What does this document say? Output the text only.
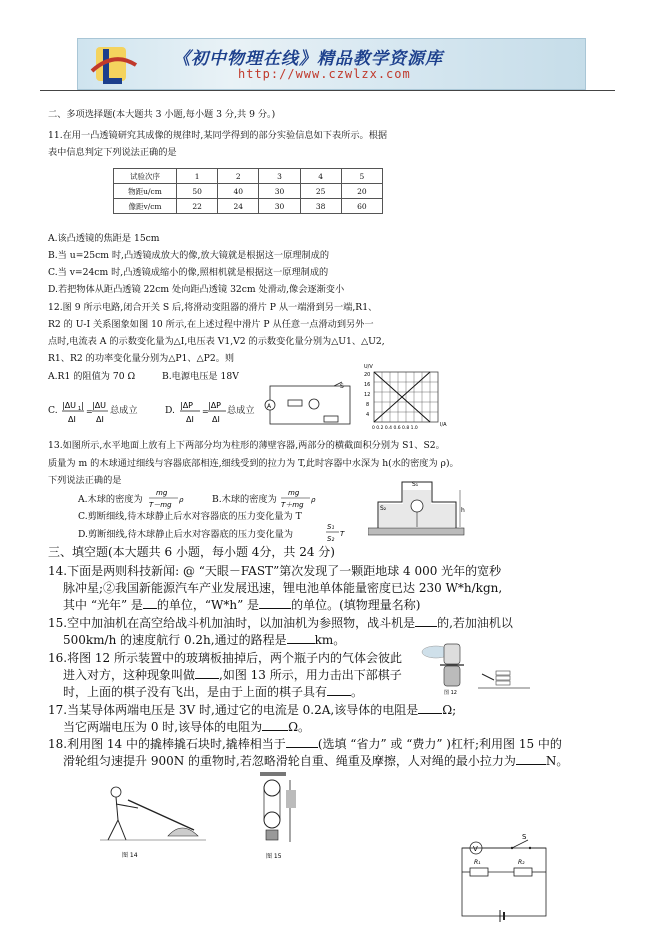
《初中物理在线》精品教学资源库
http://www.czwlzx.com
二、多项选择题(本大题共 3 小题,每小题 3 分,共 9 分。)
11.在用一凸透镜研究其成像的规律时,某同学得到的部分实验信息如下表所示。根据
表中信息判定下列说法正确的是
试验次序	1	2	3	4	5
物距u/cm	50	40	30	25	20
像距v/cm	22	24	30	38	60
A.该凸透镜的焦距是 15cm
B.当 u=25cm 时,凸透镜成放大的像,放大镜就是根据这一原理制成的
C.当 v=24cm 时,凸透镜成缩小的像,照相机就是根据这一原理制成的
D.若把物体从距凸透镜 22cm 处向距凸透镜 32cm 处滑动,像会逐渐变小
12.图 9 所示电路,闭合开关 S 后,将滑动变阻器的滑片 P 从一端滑到另一端,R1、
R2 的 U-I 关系图象如图 10 所示,在上述过程中滑片 P 从任意一点滑动到另外一
点时,电流表 A 的示数变化量为△I,电压表 V1,V2 的示数变化量分别为△U1、△U2,
R1、R2 的功率变化量分别为△P1、△P2。则
A.R1 的阻值为 70 Ω	B.电源电压是 18V
C. |ΔU 1 |
ΔI
=
|ΔU
ΔI
总成立	D. |ΔP
ΔI
=
|ΔP
ΔI
总成立 A
S
U/V
20
16
12
8
4
0 0.2 0.4 0.6 0.8 1.0
I/A
13.如图所示,水平地面上放有上下两部分均为柱形的薄壁容器,两部分的横截面积分别为 S1、S2。
质量为 m 的木球通过细线与容器底部相连,细线受到的拉力为 T,此时容器中水深为 h(水的密度为 ρ)。
下列说法正确的是
A.木球的密度为
mg
T－mg
ρ	B.木球的密度为
mg
T＋mg
ρ
C.剪断细线,待木球静止后水对容器底的压力变化量为 T
D.剪断细线,待木球静止后水对容器底的压力变化量为
S₁
S₂
T
S₁
S₂	h
三、填空题(本大题共 6 小题，每小题 4分，共 24 分)
14.下面是两则科技新闻: @ “天眼－FAST”第次发现了一颗距地球 4 000 光年的宽秒
脉冲星;②我国新能源汽车产业发展迅速，锂电池单体能量密度已达 230 W*h/kgn,
其中 “光年” 是 的单位，“W*h” 是	的单位。(填物理量名称)
15.空中加油机在高空给战斗机加油时，以加油机为参照物，战斗机是 的,若加油机以
500km/h 的速度航行 0.2h,通过的路程是 km。
16.将图 12 所示装置中的玻璃板抽掉后，两个瓶子内的气体会彼此
进入对方，这种现象叫做 ,如图 13 所示，用力击出下部棋子
时，上面的棋子没有飞出，是由于上面的棋子具有 。	图 12
17.当某导体两端电压是 3V 时,通过它的电流是 0.2A,该导体的电阻是 Ω;
当它两端电压为 0 时,该导体的电阻为 Ω。
18.利用图 14 中的撬棒撬石块时,撬棒相当于	(选填 “省力” 或 “费力” )杠杆;利用图 15 中的
滑轮组匀速提升 900N 的重物时,若忽略滑轮自重、绳重及摩擦，人对绳的最小拉力为	N。
图 14	图 15
V
S
R₁	R₂
